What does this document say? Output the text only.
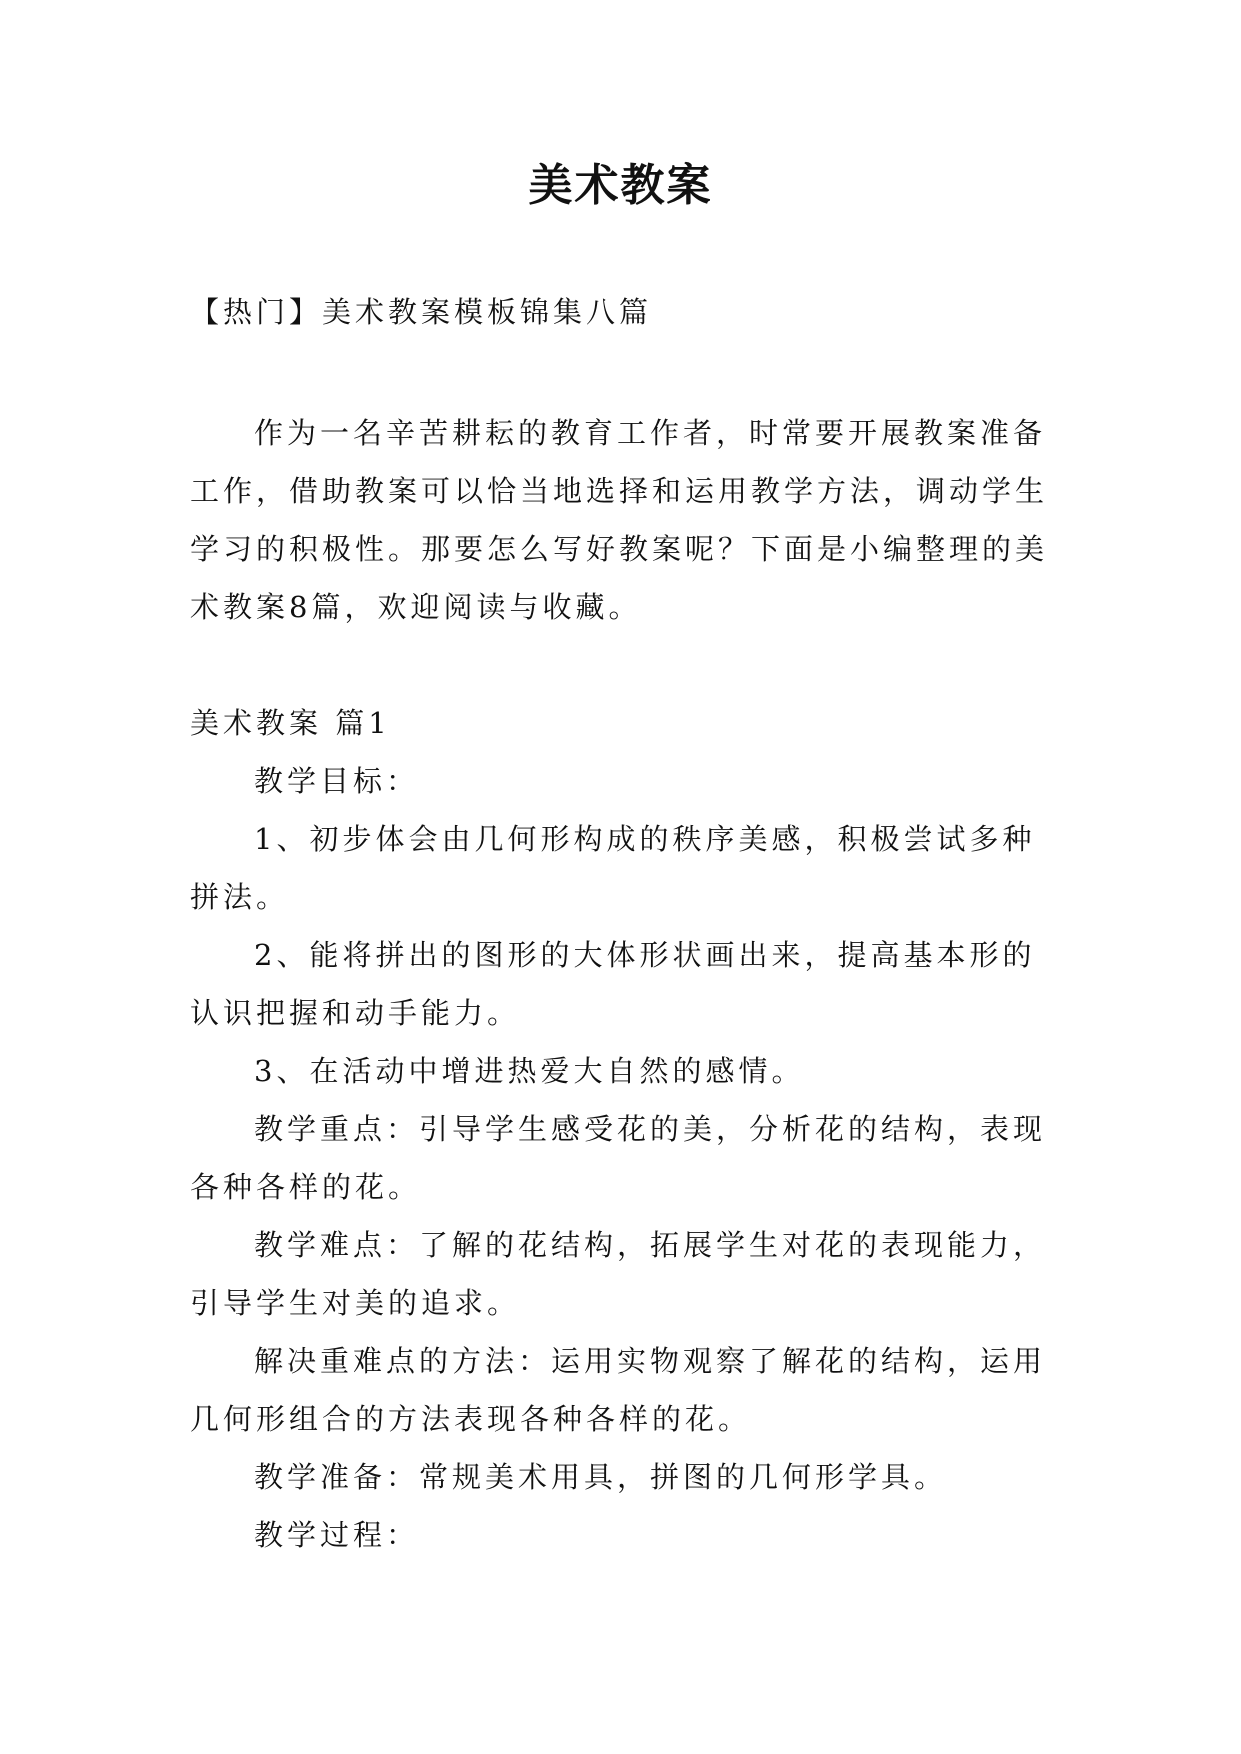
美术教案
【热门】美术教案模板锦集八篇

作为一名辛苦耕耘的教育工作者，时常要开展教案准备工作，借助教案可以恰当地选择和运用教学方法，调动学生学习的积极性。那要怎么写好教案呢？下面是小编整理的美术教案8篇，欢迎阅读与收藏。

美术教案 篇1

教学目标：

1、初步体会由几何形构成的秩序美感，积极尝试多种拼法。

2、能将拼出的图形的大体形状画出来，提高基本形的认识把握和动手能力。

3、在活动中增进热爱大自然的感情。

教学重点：引导学生感受花的美，分析花的结构，表现各种各样的花。

教学难点：了解的花结构，拓展学生对花的表现能力，引导学生对美的追求。

解决重难点的方法：运用实物观察了解花的结构，运用几何形组合的方法表现各种各样的花。

教学准备：常规美术用具，拼图的几何形学具。

教学过程：
